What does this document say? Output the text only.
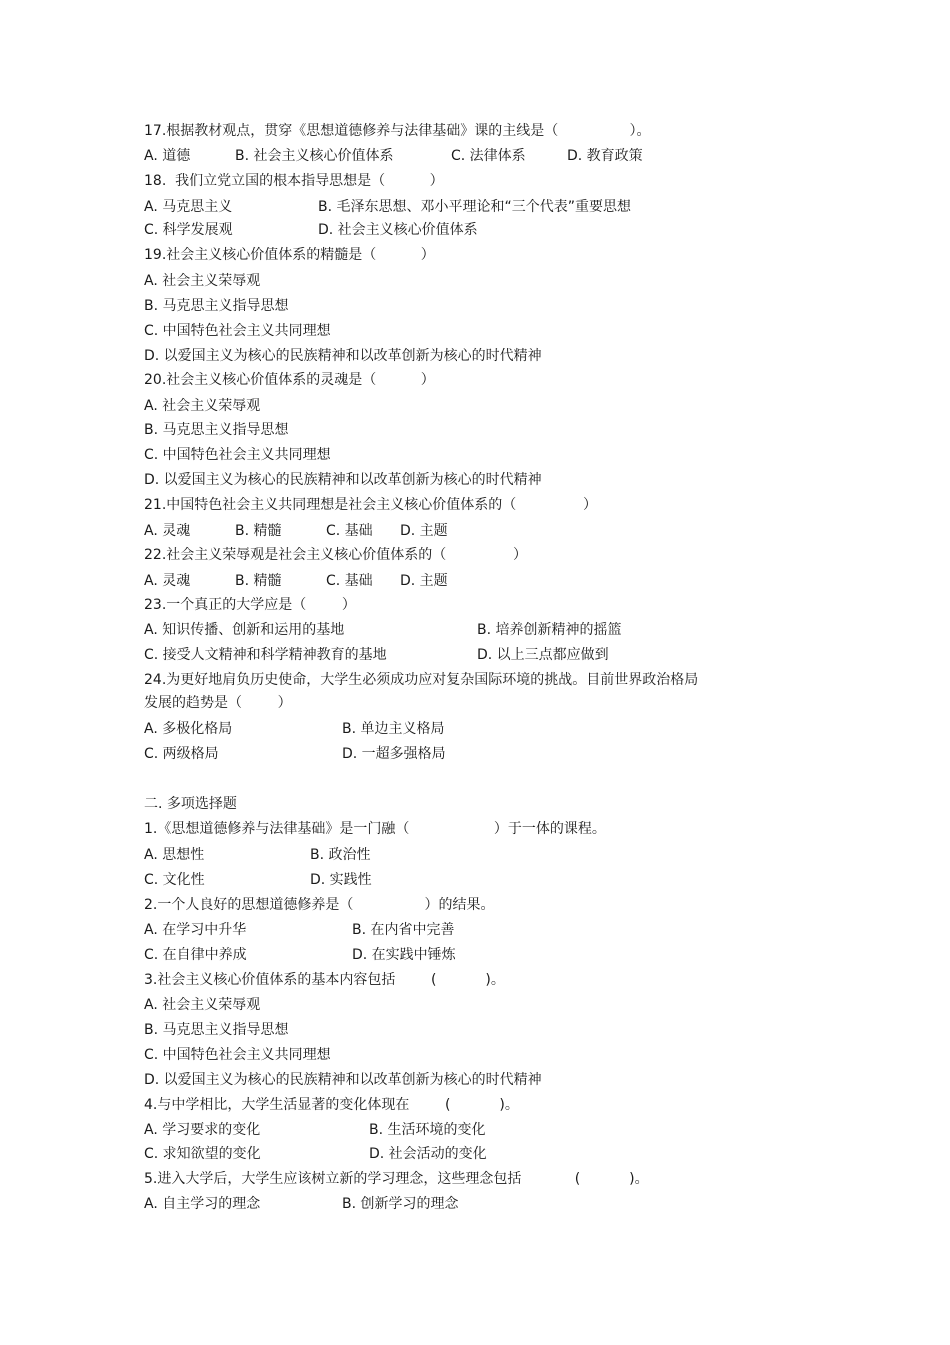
17.根据教材观点，贯穿《思想道德修养与法律基础》课的主线是（                ）。
A. 道德	B. 社会主义核心价值体系	C. 法律体系	D. 教育政策
18.  我们立党立国的根本指导思想是（          ）
A. 马克思主义	B. 毛泽东思想、邓小平理论和“三个代表”重要思想
C. 科学发展观	D. 社会主义核心价值体系
19.社会主义核心价值体系的精髓是（          ）
A. 社会主义荣辱观
B. 马克思主义指导思想
C. 中国特色社会主义共同理想
D. 以爱国主义为核心的民族精神和以改革创新为核心的时代精神
20.社会主义核心价值体系的灵魂是（          ）
A. 社会主义荣辱观
B. 马克思主义指导思想
C. 中国特色社会主义共同理想
D. 以爱国主义为核心的民族精神和以改革创新为核心的时代精神
21.中国特色社会主义共同理想是社会主义核心价值体系的（               ）
A. 灵魂	B. 精髓	C. 基础 D. 主题
22.社会主义荣辱观是社会主义核心价值体系的（               ）
A. 灵魂	B. 精髓	C. 基础 D. 主题
23.一个真正的大学应是（        ）
A. 知识传播、创新和运用的基地	B. 培养创新精神的摇篮
C. 接受人文精神和科学精神教育的基地	D. 以上三点都应做到
24.为更好地肩负历史使命，大学生必须成功应对复杂国际环境的挑战。目前世界政治格局
发展的趋势是（        ）
A. 多极化格局	B. 单边主义格局
C. 两级格局	D. 一超多强格局
二. 多项选择题
1.《思想道德修养与法律基础》是一门融（                   ）于一体的课程。
A. 思想性	B. 政治性
C. 文化性	D. 实践性
2.一个人良好的思想道德修养是（                ）的结果。
A. 在学习中升华	B. 在内省中完善
C. 在自律中养成	D. 在实践中锤炼
3.社会主义核心价值体系的基本内容包括        (           )。
A. 社会主义荣辱观
B. 马克思主义指导思想
C. 中国特色社会主义共同理想
D. 以爱国主义为核心的民族精神和以改革创新为核心的时代精神
4.与中学相比，大学生活显著的变化体现在        (           )。
A. 学习要求的变化	B. 生活环境的变化
C. 求知欲望的变化	D. 社会活动的变化
5.进入大学后，大学生应该树立新的学习理念，这些理念包括            (           )。
A. 自主学习的理念	B. 创新学习的理念
